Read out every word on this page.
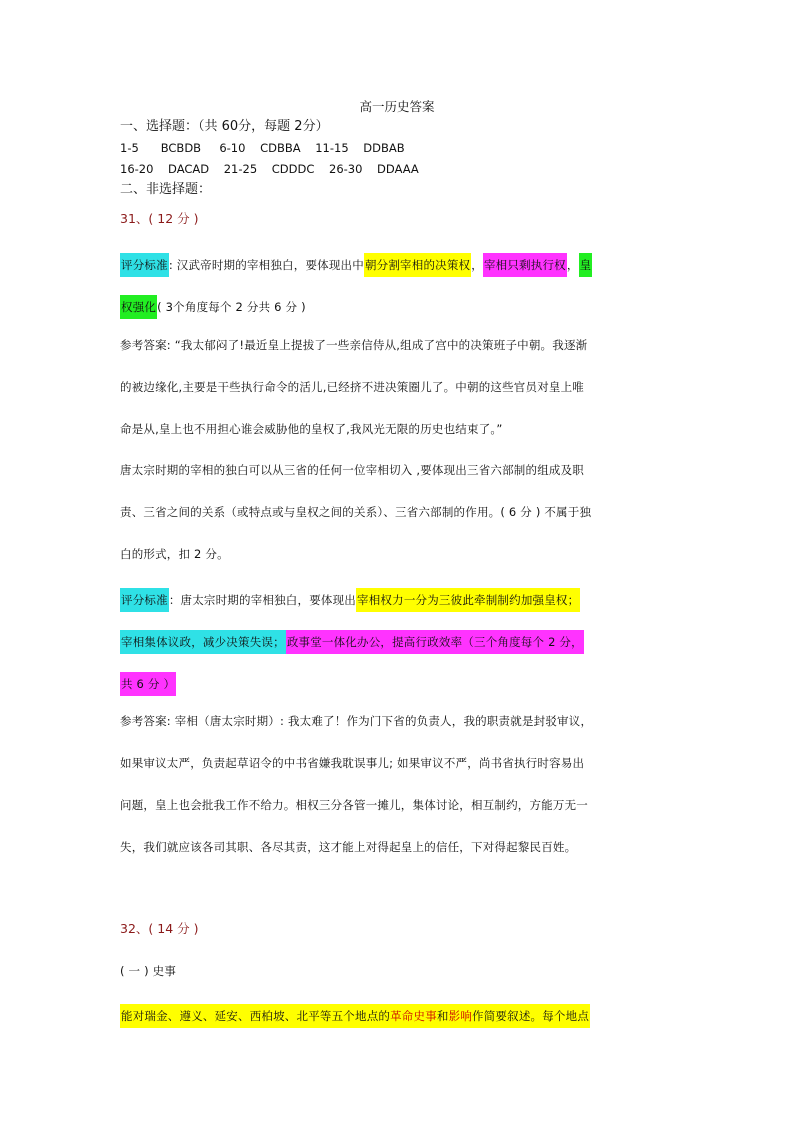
高一历史答案
一、选择题：（共 60分，每题 2分）
1-5      BCBDB     6-10    CDBBA    11-15    DDBAB
16-20    DACAD    21-25    CDDDC    26-30    DDAAA
二、非选择题：
31、( 12 分 )
评分标准: 汉武帝时期的宰相独白，要体现出中朝分割宰相的决策权，宰相只剩执行权，皇
权强化( 3个角度每个 2 分共 6 分 )
参考答案: “我太郁闷了!最近皇上提拔了一些亲信侍从,组成了宫中的决策班子中朝。我逐渐
的被边缘化,主要是干些执行命令的活儿,已经挤不进决策圈儿了。中朝的这些官员对皇上唯
命是从,皇上也不用担心谁会威胁他的皇权了,我风光无限的历史也结束了。”
唐太宗时期的宰相的独白可以从三省的任何一位宰相切入 ,要体现出三省六部制的组成及职
责、三省之间的关系（或特点或与皇权之间的关系）、三省六部制的作用。( 6 分 ) 不属于独
白的形式，扣 2 分。
评分标准：唐太宗时期的宰相独白，要体现出宰相权力一分为三彼此牵制制约加强皇权；
宰相集体议政，减少决策失误； 政事堂一体化办公，提高行政效率（三个角度每个 2 分，
共 6 分 ）
参考答案: 宰相（唐太宗时期）: 我太难了！作为门下省的负责人，我的职责就是封驳审议，
如果审议太严，负责起草诏令的中书省嫌我耽误事儿; 如果审议不严，尚书省执行时容易出
问题，皇上也会批我工作不给力。相权三分各管一摊儿，集体讨论，相互制约，方能万无一
失，我们就应该各司其职、各尽其责，这才能上对得起皇上的信任，下对得起黎民百姓。
32、( 14 分 )
( 一 ) 史事
能对瑞金、遵义、延安、西柏坡、北平等五个地点的革命史事和影响作简要叙述。每个地点
